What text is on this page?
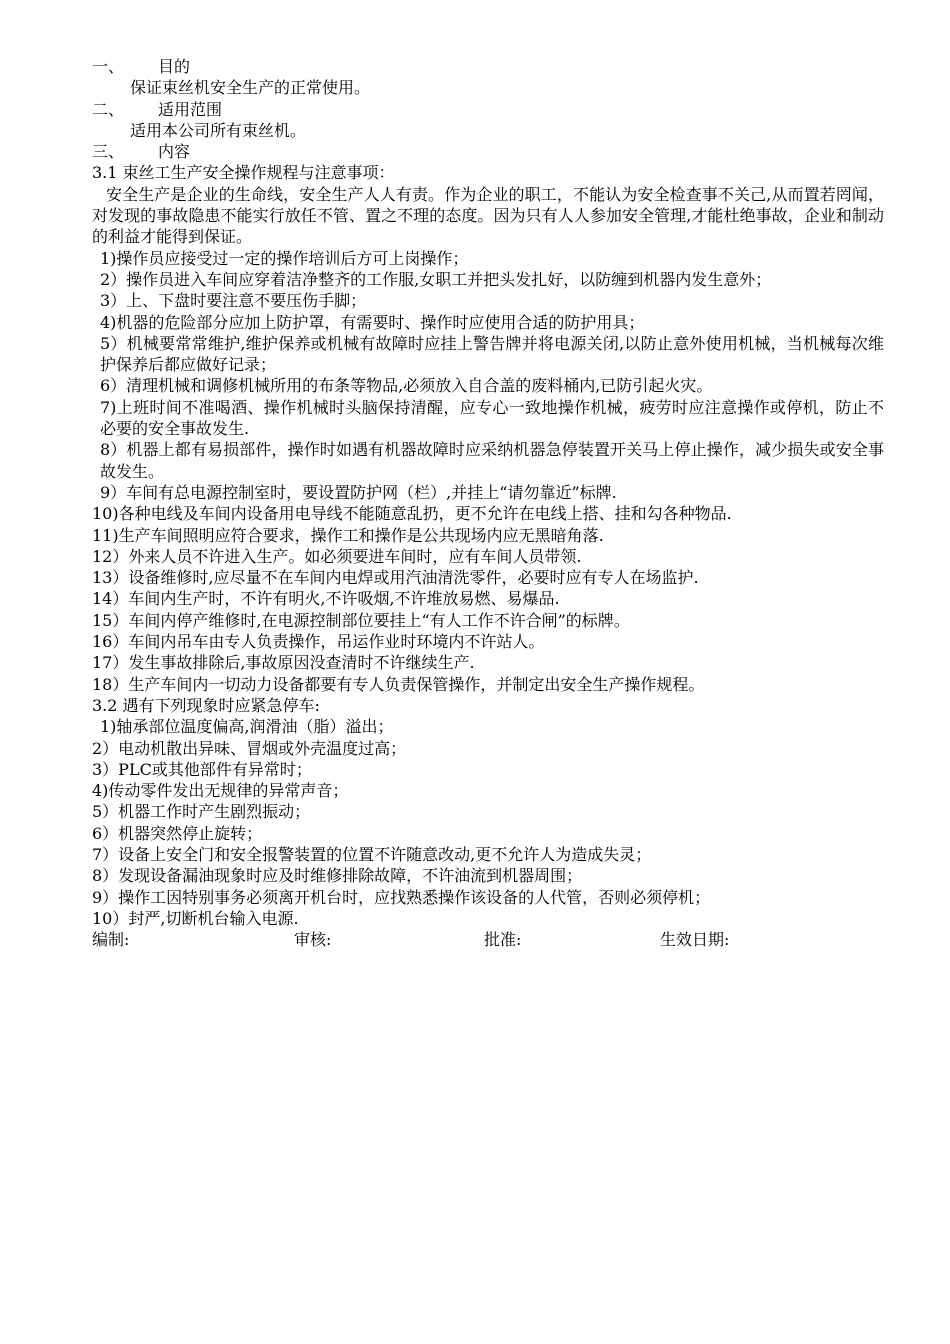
一、	目的
保证束丝机安全生产的正常使用。
二、	适用范围
适用本公司所有束丝机。
三、	内容
3.1 束丝工生产安全操作规程与注意事项：
安全生产是企业的生命线，安全生产人人有责。作为企业的职工，不能认为安全检查事不关己,从而置若罔闻，对发现的事故隐患不能实行放任不管、置之不理的态度。因为只有人人参加安全管理,才能杜绝事故，企业和制动的利益才能得到保证。
1)操作员应接受过一定的操作培训后方可上岗操作；
2）操作员进入车间应穿着洁净整齐的工作服,女职工并把头发扎好，以防缠到机器内发生意外；
3）上、下盘时要注意不要压伤手脚；
4)机器的危险部分应加上防护罩，有需要时、操作时应使用合适的防护用具；
5）机械要常常维护,维护保养或机械有故障时应挂上警告牌并将电源关闭,以防止意外使用机械，当机械每次维护保养后都应做好记录；
6）清理机械和调修机械所用的布条等物品,必须放入自合盖的废料桶内,已防引起火灾。
7)上班时间不准喝酒、操作机械时头脑保持清醒，应专心一致地操作机械，疲劳时应注意操作或停机，防止不必要的安全事故发生.
8）机器上都有易损部件，操作时如遇有机器故障时应采纳机器急停装置开关马上停止操作，减少损失或安全事故发生。
9）车间有总电源控制室时，要设置防护网（栏）,并挂上“请勿靠近”标牌.
10)各种电线及车间内设备用电导线不能随意乱扔，更不允许在电线上搭、挂和勾各种物品.
11)生产车间照明应符合要求，操作工和操作是公共现场内应无黑暗角落.
12）外来人员不许进入生产。如必须要进车间时，应有车间人员带领.
13）设备维修时,应尽量不在车间内电焊或用汽油清洗零件，必要时应有专人在场监护.
14）车间内生产时，不许有明火,不许吸烟,不许堆放易燃、易爆品.
15）车间内停产维修时,在电源控制部位要挂上“有人工作不许合闸”的标牌。
16）车间内吊车由专人负责操作，吊运作业时环境内不许站人。
17）发生事故排除后,事故原因没查清时不许继续生产.
18）生产车间内一切动力设备都要有专人负责保管操作，并制定出安全生产操作规程。
3.2 遇有下列现象时应紧急停车:
1)轴承部位温度偏高,润滑油（脂）溢出；
2）电动机散出异味、冒烟或外壳温度过高；
3）PLC或其他部件有异常时；
4)传动零件发出无规律的异常声音；
5）机器工作时产生剧烈振动；
6）机器突然停止旋转；
7）设备上安全门和安全报警装置的位置不许随意改动,更不允许人为造成失灵；
8）发现设备漏油现象时应及时维修排除故障，不许油流到机器周围；
9）操作工因特别事务必须离开机台时，应找熟悉操作该设备的人代管，否则必须停机；
10）封严,切断机台输入电源.
编制:	审核:	批准:	生效日期:
